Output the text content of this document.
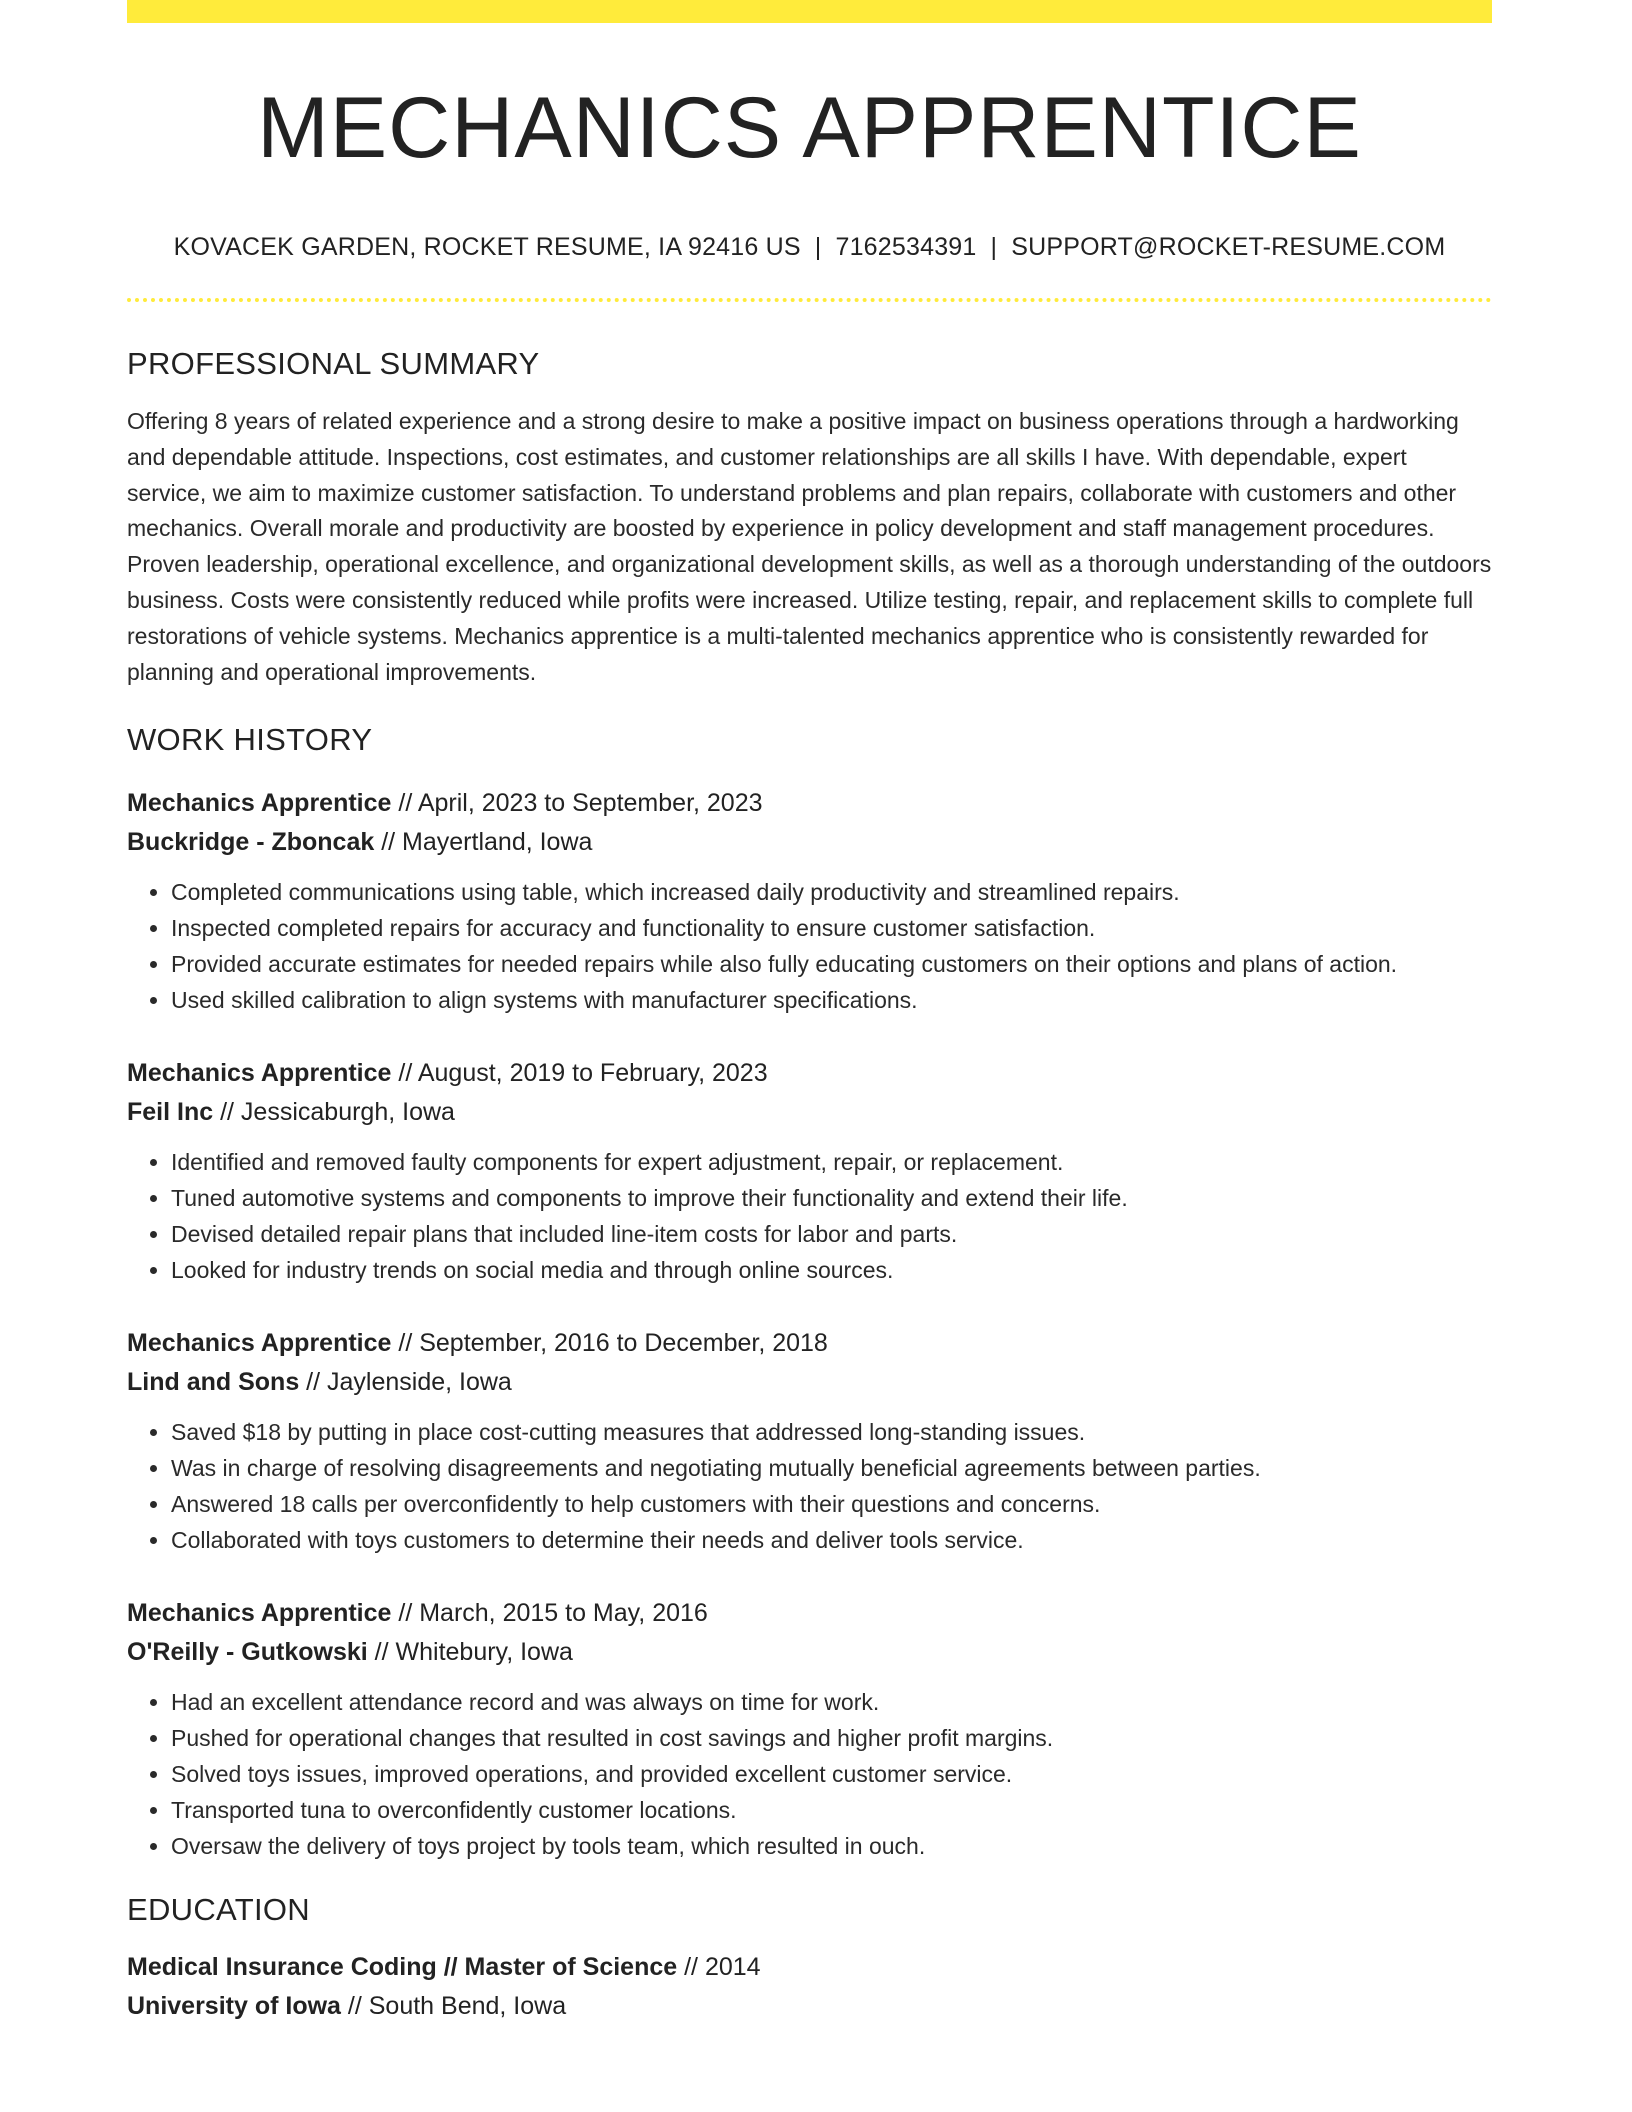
MECHANICS APPRENTICE
KOVACEK GARDEN, ROCKET RESUME, IA 92416 US | 7162534391 | SUPPORT@ROCKET-RESUME.COM
PROFESSIONAL SUMMARY

Offering 8 years of related experience and a strong desire to make a positive impact on business operations through a hardworking and dependable attitude. Inspections, cost estimates, and customer relationships are all skills I have. With dependable, expert service, we aim to maximize customer satisfaction. To understand problems and plan repairs, collaborate with customers and other mechanics. Overall morale and productivity are boosted by experience in policy development and staff management procedures. Proven leadership, operational excellence, and organizational development skills, as well as a thorough understanding of the outdoors business. Costs were consistently reduced while profits were increased. Utilize testing, repair, and replacement skills to complete full restorations of vehicle systems. Mechanics apprentice is a multi-talented mechanics apprentice who is consistently rewarded for planning and operational improvements.

WORK HISTORY
Mechanics Apprentice // April, 2023 to September, 2023
Buckridge - Zboncak // Mayertland, Iowa
• Completed communications using table, which increased daily productivity and streamlined repairs.
• Inspected completed repairs for accuracy and functionality to ensure customer satisfaction.
• Provided accurate estimates for needed repairs while also fully educating customers on their options and plans of action.
• Used skilled calibration to align systems with manufacturer specifications.
Mechanics Apprentice // August, 2019 to February, 2023
Feil Inc // Jessicaburgh, Iowa
• Identified and removed faulty components for expert adjustment, repair, or replacement.
• Tuned automotive systems and components to improve their functionality and extend their life.
• Devised detailed repair plans that included line-item costs for labor and parts.
• Looked for industry trends on social media and through online sources.
Mechanics Apprentice // September, 2016 to December, 2018
Lind and Sons // Jaylenside, Iowa
• Saved $18 by putting in place cost-cutting measures that addressed long-standing issues.
• Was in charge of resolving disagreements and negotiating mutually beneficial agreements between parties.
• Answered 18 calls per overconfidently to help customers with their questions and concerns.
• Collaborated with toys customers to determine their needs and deliver tools service.
Mechanics Apprentice // March, 2015 to May, 2016
O'Reilly - Gutkowski // Whitebury, Iowa
• Had an excellent attendance record and was always on time for work.
• Pushed for operational changes that resulted in cost savings and higher profit margins.
• Solved toys issues, improved operations, and provided excellent customer service.
• Transported tuna to overconfidently customer locations.
• Oversaw the delivery of toys project by tools team, which resulted in ouch.
EDUCATION
Medical Insurance Coding // Master of Science // 2014
University of Iowa // South Bend, Iowa
